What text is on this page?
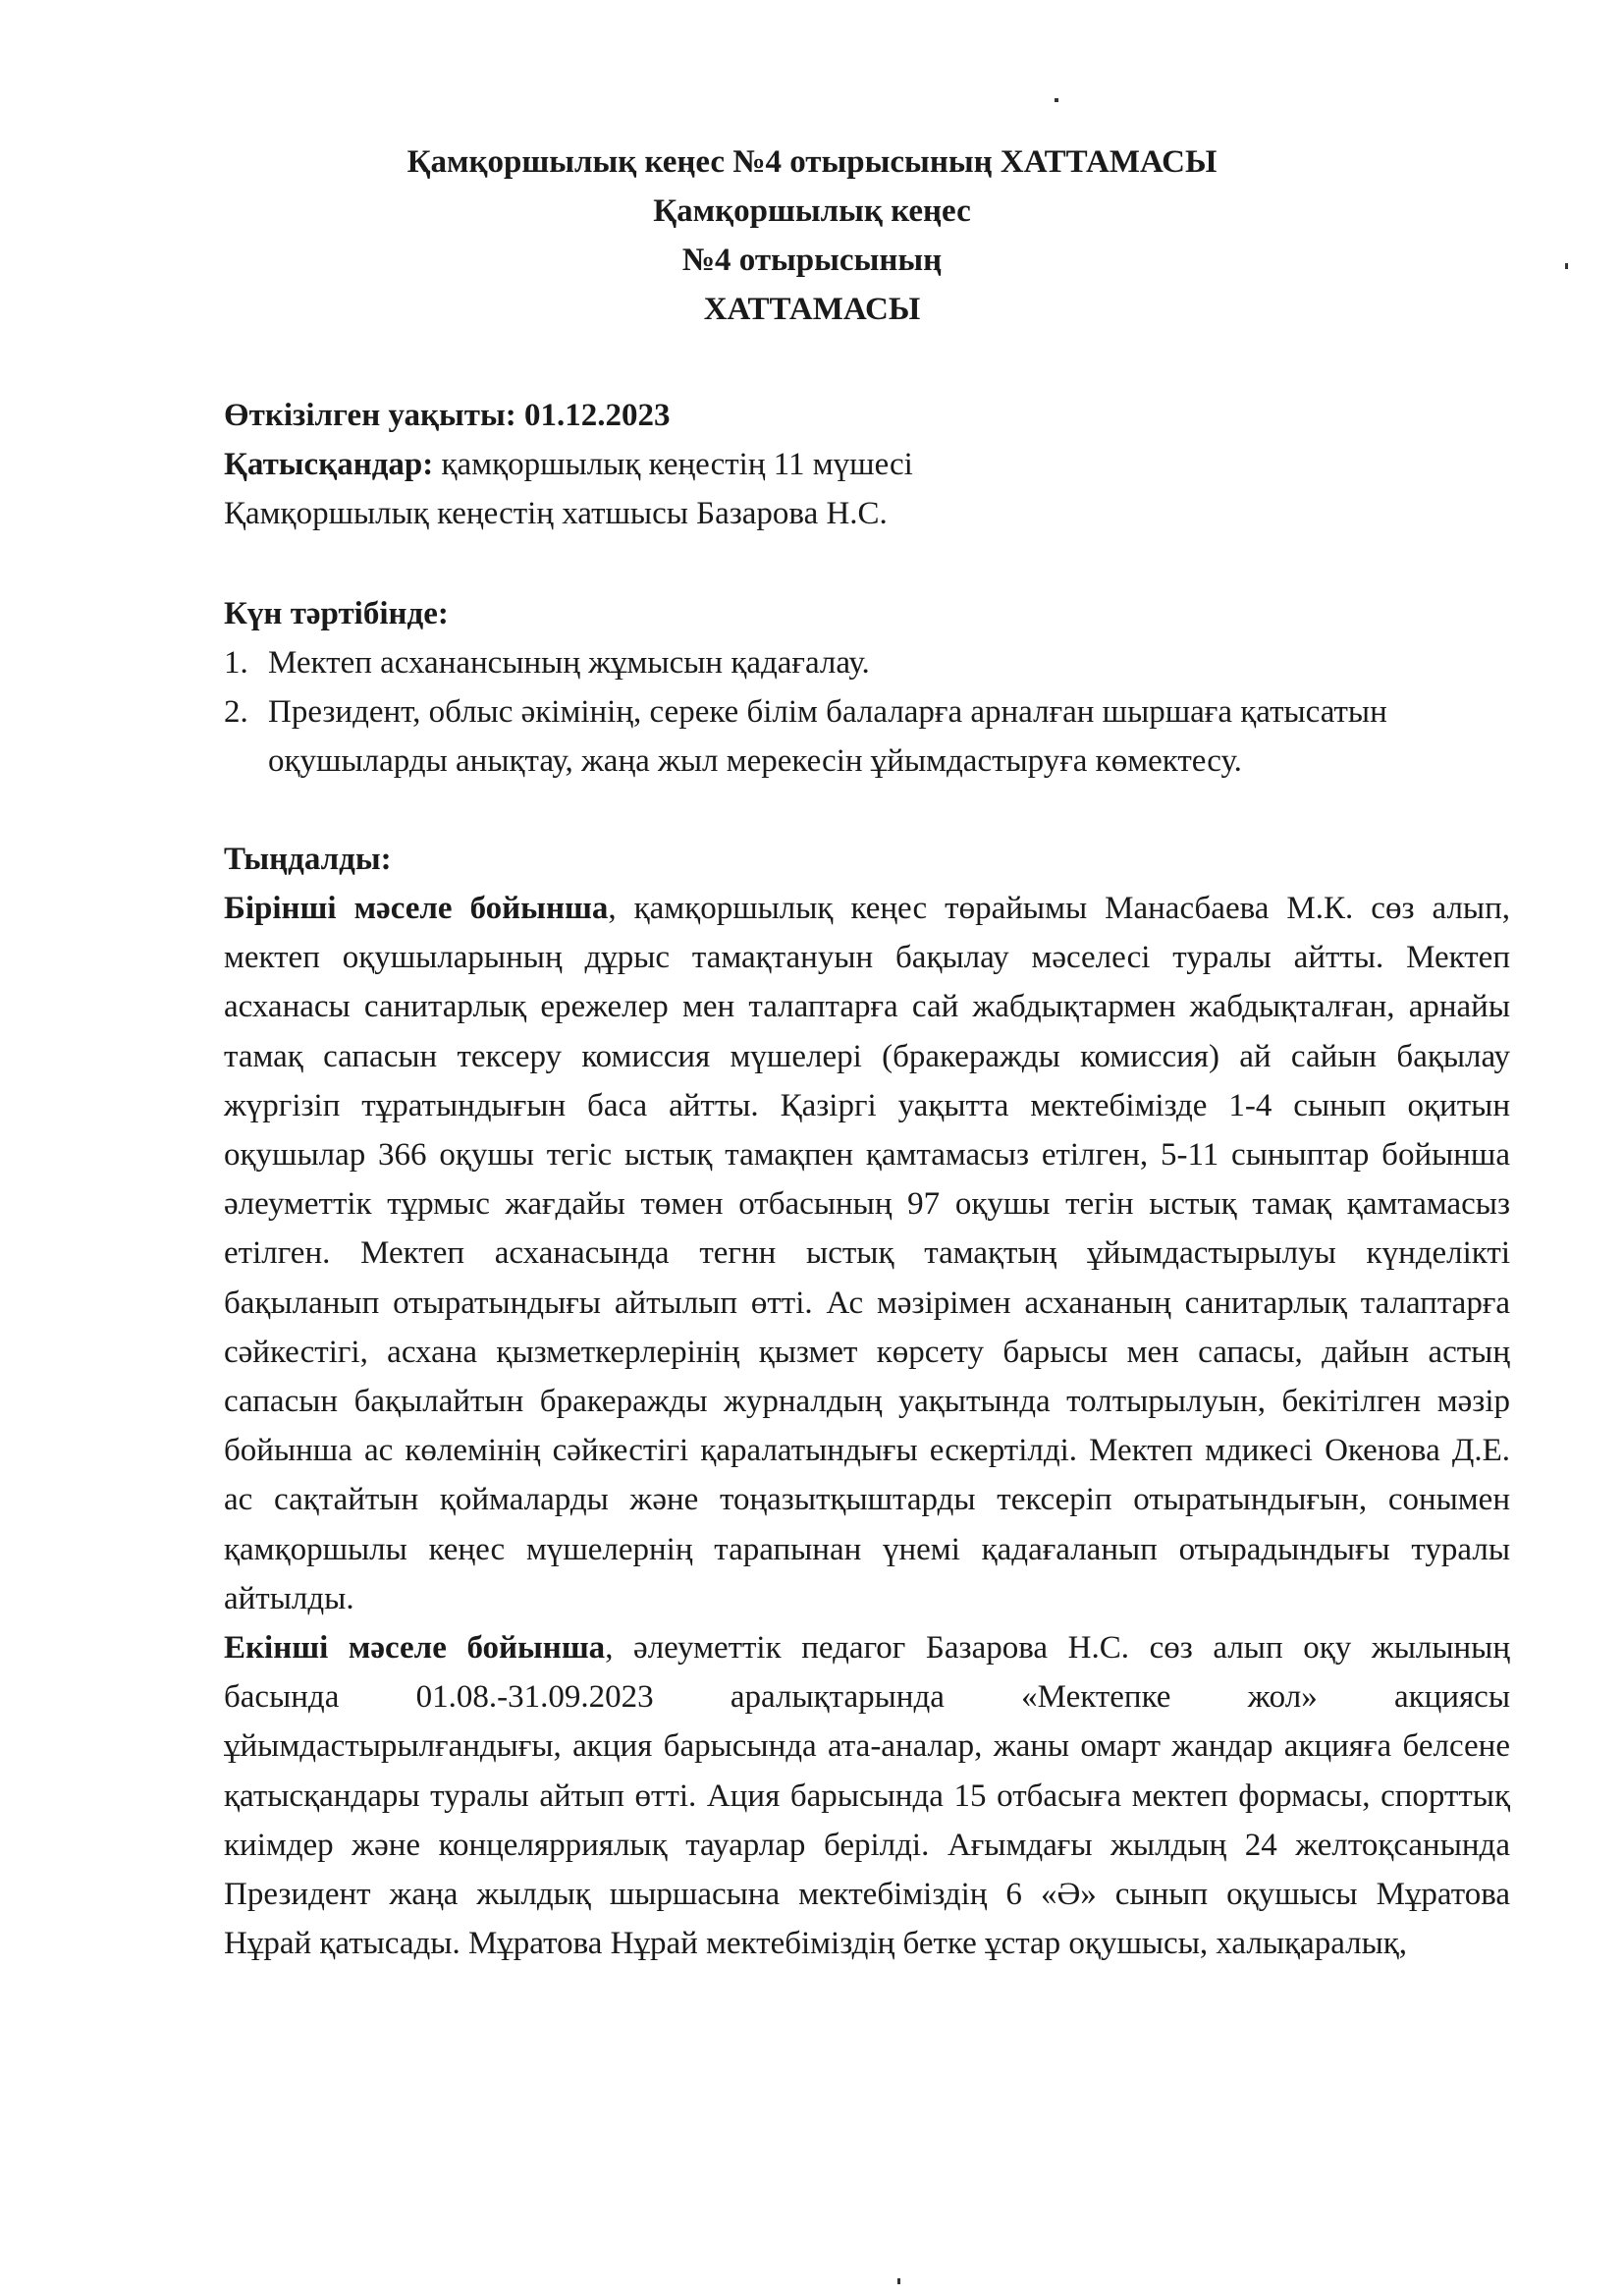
Қамқоршылық кеңес №4 отырысының ХАТТАМАСЫ
Қамқоршылық кеңес
№4 отырысының
ХАТТАМАСЫ
Өткізілген уақыты: 01.12.2023
Қатысқандар: қамқоршылық кеңестің 11 мүшесі
Қамқоршылық кеңестің хатшысы Базарова Н.С.
Күн тәртібінде:
1. Мектеп асханансының жұмысын қадағалау.
2. Президент, облыс әкімінің, сереке білім балаларға арналған шыршаға қатысатын оқушыларды анықтау, жаңа жыл мерекесін ұйымдастыруға көмектесу.
Тыңдалды:

Бірінші мәселе бойынша, қамқоршылық кеңес төрайымы Манасбаева М.К. сөз алып, мектеп оқушыларының дұрыс тамақтануын бақылау мәселесі туралы айтты. Мектеп асханасы санитарлық ережелер мен талаптарға сай жабдықтармен жабдықталған, арнайы тамақ сапасын тексеру комиссия мүшелері (бракеражды комиссия) ай сайын бақылау жүргізіп тұратындығын баса айтты. Қазіргі уақытта мектебімізде 1-4 сынып оқитын оқушылар 366 оқушы тегіс ыстық тамақпен қамтамасыз етілген, 5-11 сыныптар бойынша әлеуметтік тұрмыс жағдайы төмен отбасының 97 оқушы тегін ыстық тамақ қамтамасыз етілген. Мектеп асханасында тегнн ыстық тамақтың ұйымдастырылуы күнделікті бақыланып отыратындығы айтылып өтті. Ас мәзірімен асхананың санитарлық талаптарға сәйкестігі, асхана қызметкерлерінің қызмет көрсету барысы мен сапасы, дайын астың сапасын бақылайтын бракеражды журналдың уақытында толтырылуын, бекітілген мәзір бойынша ас көлемінің сәйкестігі қаралатындығы ескертілді. Мектеп мдикесі Окенова Д.Е. ас сақтайтын қоймаларды және тоңазытқыштарды тексеріп отыратындығын, сонымен қамқоршылы кеңес мүшелернің тарапынан үнемі қадағаланып отырадындығы туралы айтылды.

Екінші мәселе бойынша, әлеуметтік педагог Базарова Н.С. сөз алып оқу жылының басында 01.08.-31.09.2023 аралықтарында «Мектепке жол» акциясы ұйымдастырылғандығы, акция барысында ата-аналар, жаны омарт жандар акцияға белсене қатысқандары туралы айтып өтті. Ация барысында 15 отбасыға мектеп формасы, спорттық киімдер және концелярриялық тауарлар берілді. Ағымдағы жылдың 24 желтоқсанында Президент жаңа жылдық шыршасына мектебіміздің 6 «Ә» сынып оқушысы Мұратова Нұрай қатысады. Мұратова Нұрай мектебіміздің бетке ұстар оқушысы, халықаралық,
